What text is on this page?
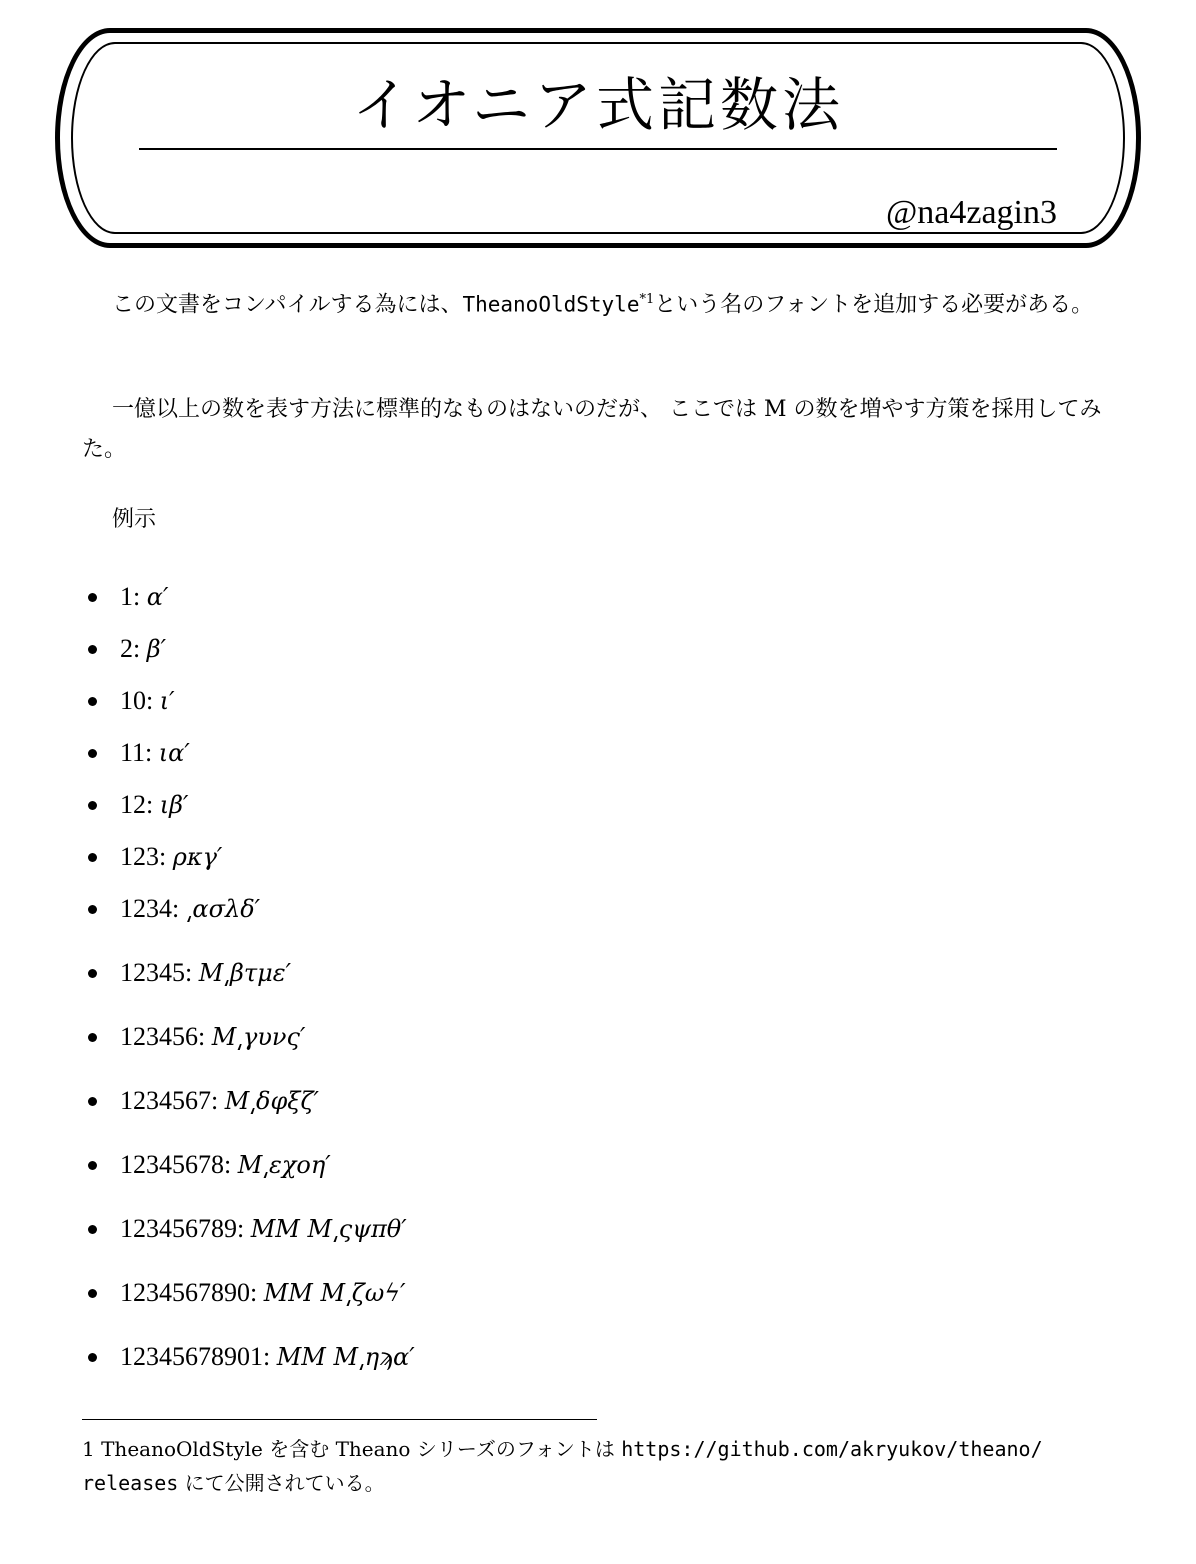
イオニア式記数法
@na4zagin3
この文書をコンパイルする為には、TheanoOldStyle$^{*1}$という名のフォントを追加する必要がある。
一億以上の数を表す方法に標準的なものはないのだが、 ここでは M の数を増やす方策を採用してみた。
例示
1: α′
2: β′
10: ι′
11: ια′
12: ιβ′
123: ρκγ′
1234: ͵ασλδ′
12345: M͵βτμε′
123456: M͵γυνς′
1234567: M͵δφξζ′
12345678: M͵εχοη′
123456789: MM M͵ςψπθ′
1234567890: MM M͵ζωϟ′
12345678901: MM M͵ηϡα′
1 TheanoOldStyle を含む Theano シリーズのフォントは https://github.com/akryukov/theano/
releases にて公開されている。
